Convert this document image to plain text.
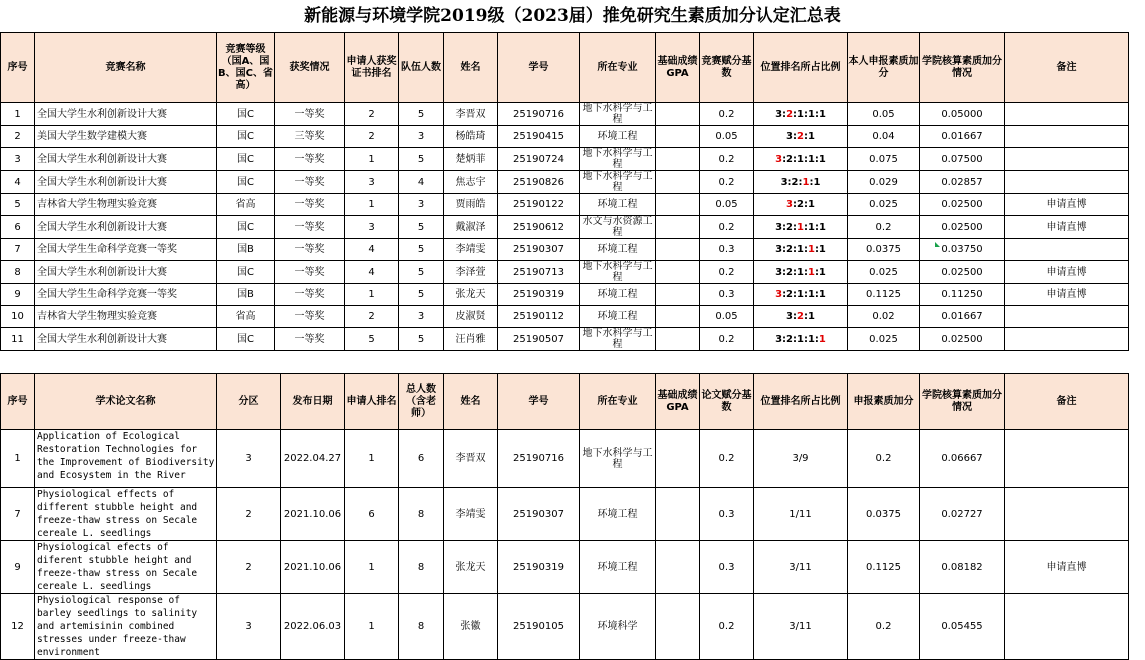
新能源与环境学院2019级（2023届）推免研究生素质加分认定汇总表
序号	竞赛名称	竞赛等级（国A、国B、国C、省高）	获奖情况	申请人获奖证书排名	队伍人数	姓名	学号	所在专业	基础成绩GPA	竞赛赋分基数	位置排名所占比例	本人申报素质加分	学院核算素质加分情况	备注
1	全国大学生水利创新设计大赛	国C	一等奖	2	5	李晋双	25190716	地下水科学与工程		0.2	3:2:1:1:1	0.05	0.05000	
2	美国大学生数学建模大赛	国C	三等奖	2	3	杨皓琦	25190415	环境工程		0.05	3:2:1	0.04	0.01667	
3	全国大学生水利创新设计大赛	国C	一等奖	1	5	楚炳菲	25190724	地下水科学与工程		0.2	3:2:1:1:1	0.075	0.07500	
4	全国大学生水利创新设计大赛	国C	一等奖	3	4	焦志宇	25190826	地下水科学与工程		0.2	3:2:1:1	0.029	0.02857	
5	吉林省大学生物理实验竞赛	省高	一等奖	1	3	贾雨皓	25190122	环境工程		0.05	3:2:1	0.025	0.02500	申请直博
6	全国大学生水利创新设计大赛	国C	一等奖	3	5	戴淑泽	25190612	水文与水资源工程		0.2	3:2:1:1:1	0.2	0.02500	申请直博
7	全国大学生生命科学竞赛一等奖	国B	一等奖	4	5	李靖雯	25190307	环境工程		0.3	3:2:1:1:1	0.0375	0.03750	
8	全国大学生水利创新设计大赛	国C	一等奖	4	5	李泽萱	25190713	地下水科学与工程		0.2	3:2:1:1:1	0.025	0.02500	申请直博
9	全国大学生生命科学竞赛一等奖	国B	一等奖	1	5	张龙天	25190319	环境工程		0.3	3:2:1:1:1	0.1125	0.11250	申请直博
10	吉林省大学生物理实验竞赛	省高	一等奖	2	3	皮淑贤	25190112	环境工程		0.05	3:2:1	0.02	0.01667	
11	全国大学生水利创新设计大赛	国C	一等奖	5	5	汪肖雅	25190507	地下水科学与工程		0.2	3:2:1:1:1	0.025	0.02500	
序号	学术论文名称	分区	发布日期	申请人排名	总人数（含老师）	姓名	学号	所在专业	基础成绩GPA	论文赋分基数	位置排名所占比例	申报素质加分	学院核算素质加分情况	备注
1	Application of Ecological Restoration Technologies for the Improvement of Biodiversity and Ecosystem in the River	3	2022.04.27	1	6	李晋双	25190716	地下水科学与工程		0.2	3/9	0.2	0.06667	
7	Physiological effects of different stubble height and freeze-thaw stress on Secale cereale L. seedlings	2	2021.10.06	6	8	李靖雯	25190307	环境工程		0.3	1/11	0.0375	0.02727	
9	Physiological efects of diferent stubble height and freeze-thaw stress on Secale cereale L. seedlings	2	2021.10.06	1	8	张龙天	25190319	环境工程		0.3	3/11	0.1125	0.08182	申请直博
12	Physiological response of barley seedlings to salinity and artemisinin combined stresses under freeze-thaw environment	3	2022.06.03	1	8	张徽	25190105	环境科学		0.2	3/11	0.2	0.05455	
